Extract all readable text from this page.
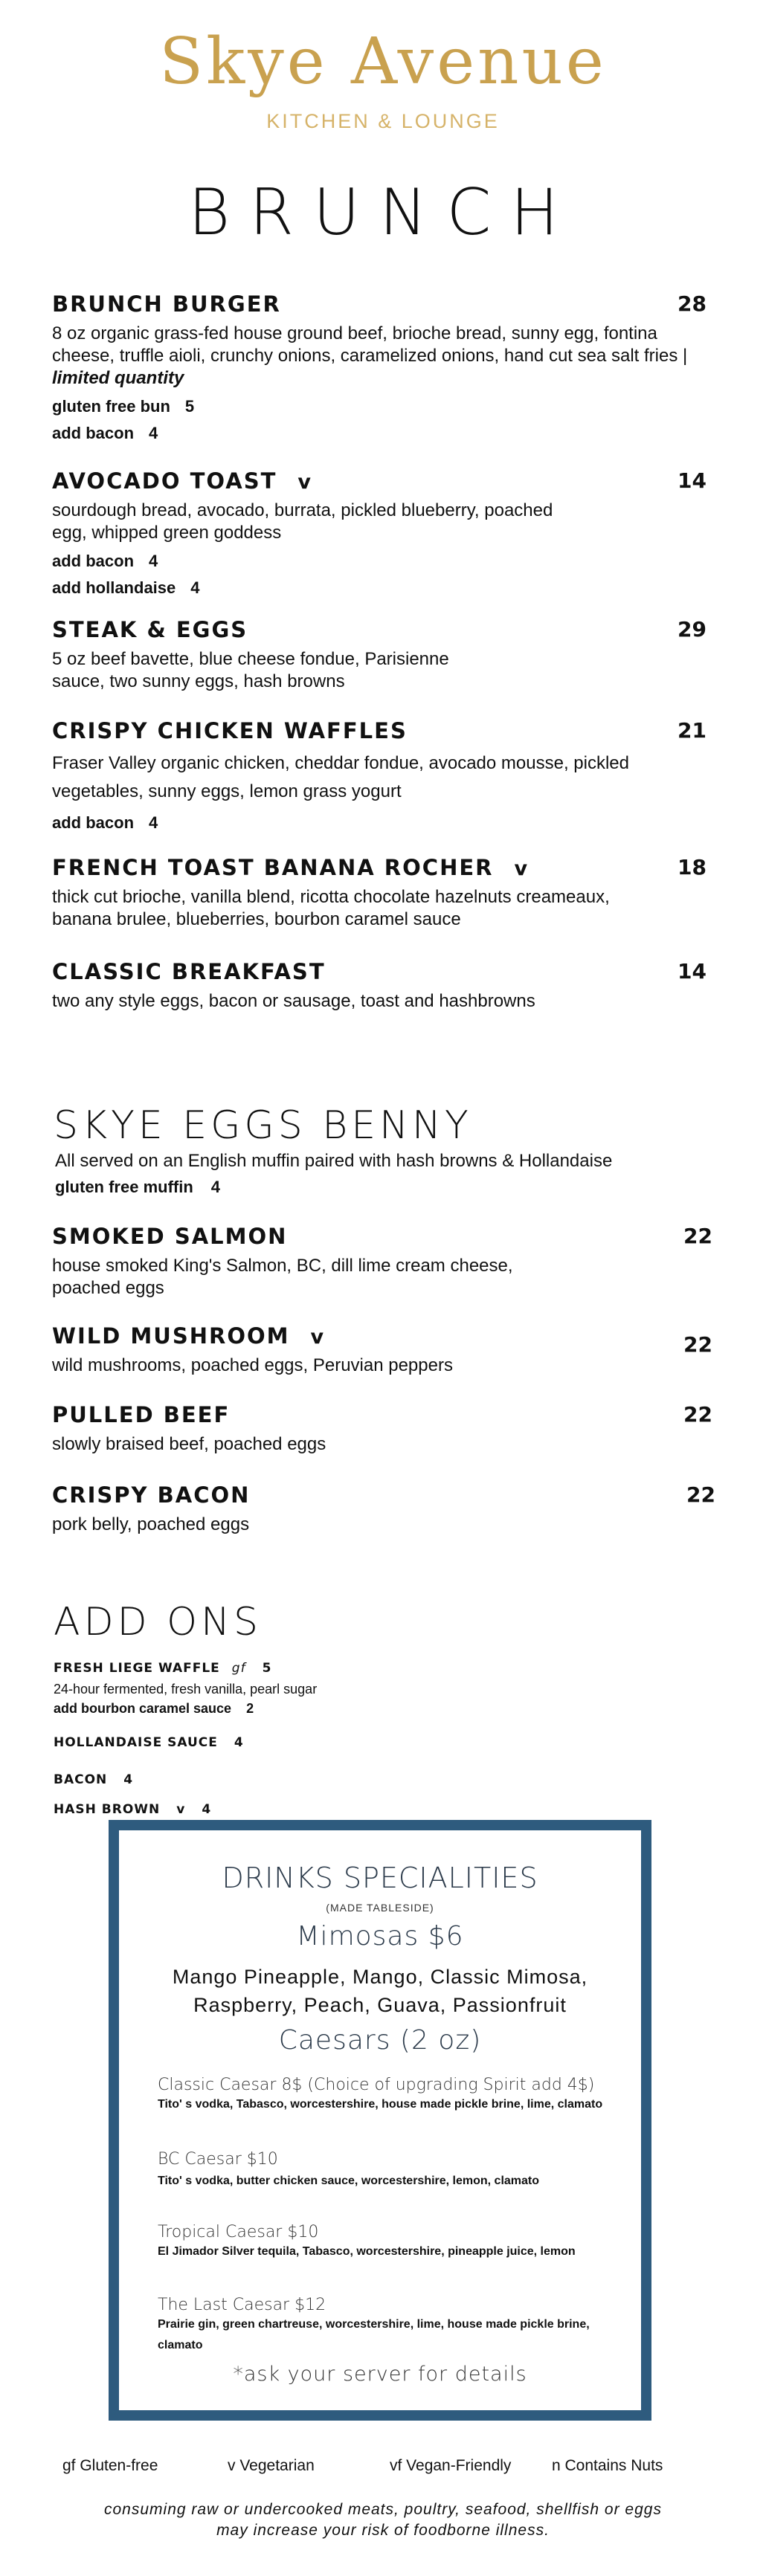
Skye Avenue
KITCHEN & LOUNGE
BRUNCH
BRUNCH BURGER	28
8 oz organic grass-fed house ground beef, brioche bread, sunny egg, fontina cheese, truffle aioli, crunchy onions, caramelized onions, hand cut sea salt fries | limited quantity
gluten free bun 5
add bacon 4
AVOCADO TOAST v	14
sourdough bread, avocado, burrata, pickled blueberry, poached egg, whipped green goddess
add bacon 4
add hollandaise 4
STEAK & EGGS	29
5 oz beef bavette, blue cheese fondue, Parisienne sauce, two sunny eggs, hash browns
CRISPY CHICKEN WAFFLES	21
Fraser Valley organic chicken, cheddar fondue, avocado mousse, pickled vegetables, sunny eggs, lemon grass yogurt
add bacon 4
FRENCH TOAST BANANA ROCHER v	18
thick cut brioche, vanilla blend, ricotta chocolate hazelnuts creameaux, banana brulee, blueberries, bourbon caramel sauce
CLASSIC BREAKFAST	14
two any style eggs, bacon or sausage, toast and hashbrowns
SKYE EGGS BENNY
All served on an English muffin paired with hash browns & Hollandaise
gluten free muffin 4
SMOKED SALMON	22
house smoked King's Salmon, BC, dill lime cream cheese, poached eggs
WILD MUSHROOM v	22
wild mushrooms, poached eggs, Peruvian peppers
PULLED BEEF	22
slowly braised beef, poached eggs
CRISPY BACON	22
pork belly, poached eggs
ADD ONS
FRESH LIEGE WAFFLE gf 5
24-hour fermented, fresh vanilla, pearl sugar
add bourbon caramel sauce 2
HOLLANDAISE SAUCE 4
BACON 4
HASH BROWN v 4
DRINKS SPECIALITIES
(MADE TABLESIDE)
Mimosas $6
Mango Pineapple, Mango, Classic Mimosa,
Raspberry, Peach, Guava, Passionfruit
Caesars (2 oz)
Classic Caesar 8$ (Choice of upgrading Spirit add 4$)
Tito' s vodka, Tabasco, worcestershire, house made pickle brine, lime, clamato
BC Caesar $10
Tito' s vodka, butter chicken sauce, worcestershire, lemon, clamato
Tropical Caesar $10
El Jimador Silver tequila, Tabasco, worcestershire, pineapple juice, lemon
The Last Caesar $12
Prairie gin, green chartreuse, worcestershire, lime, house made pickle brine, clamato
*ask your server for details
gf Gluten-free	v Vegetarian	vf Vegan-Friendly	n Contains Nuts
consuming raw or undercooked meats, poultry, seafood, shellfish or eggs
may increase your risk of foodborne illness.
